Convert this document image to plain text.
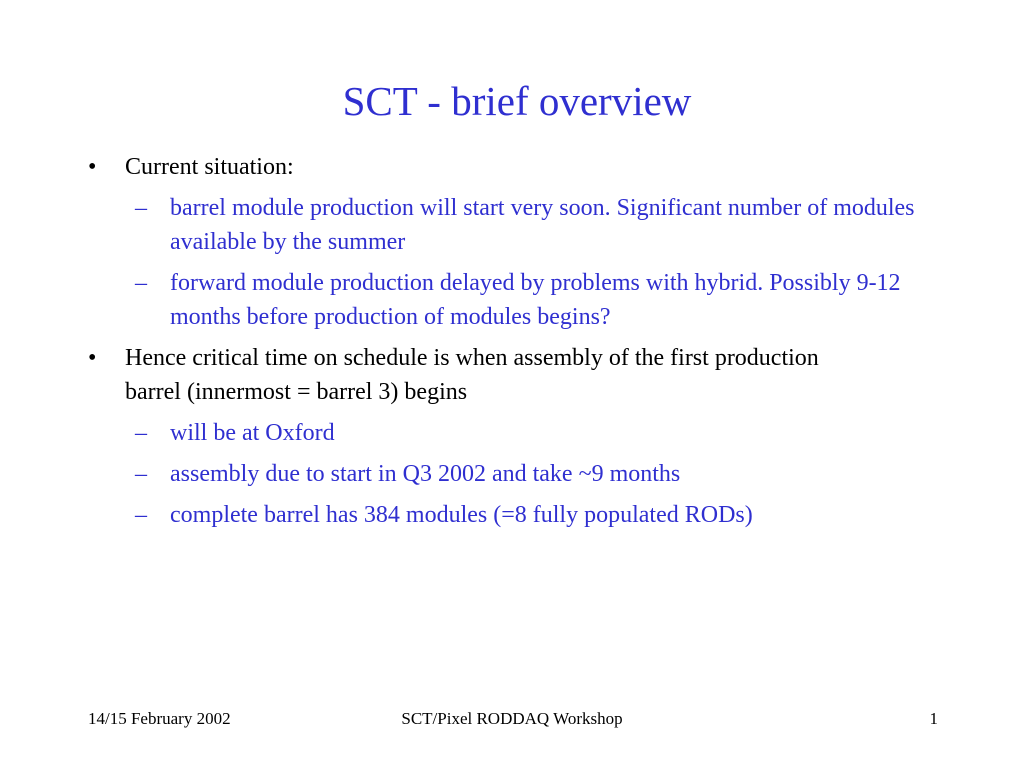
SCT - brief overview
• Current situation:
– barrel module production will start very soon. Significant number of modules available by the summer
– forward module production delayed by problems with hybrid. Possibly 9-12 months before production of modules begins?
• Hence critical time on schedule is when assembly of the first production barrel (innermost = barrel 3) begins
– will be at Oxford
– assembly due to start in Q3 2002 and take ~9 months
– complete barrel has 384 modules (=8 fully populated RODs)
14/15 February 2002	SCT/Pixel RODDAQ Workshop	1
